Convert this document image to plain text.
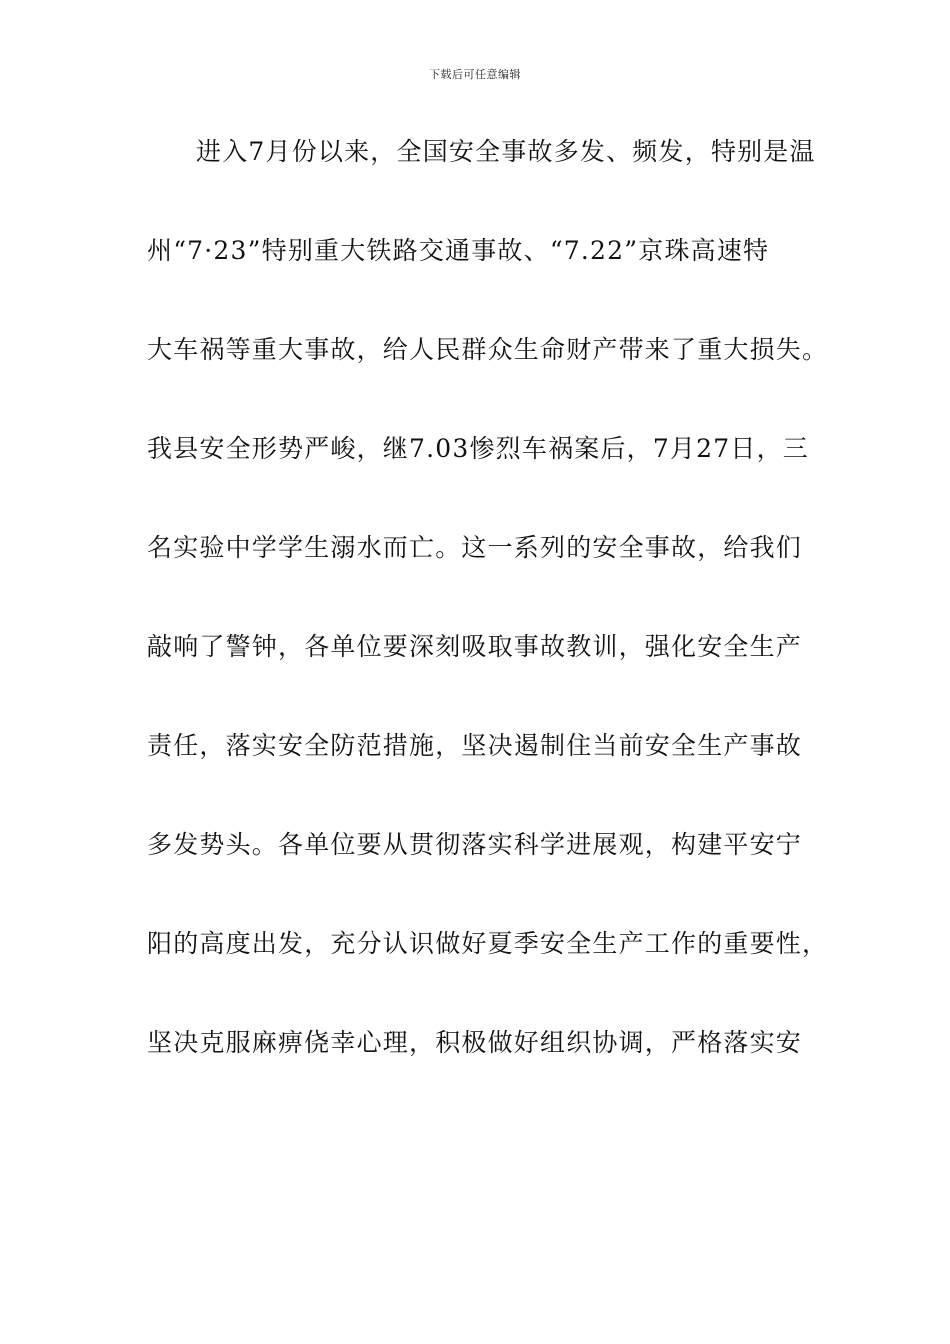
下载后可任意编辑
进入7月份以来，全国安全事故多发、频发，特别是温
州“7·23”特别重大铁路交通事故、“7.22”京珠高速特
大车祸等重大事故，给人民群众生命财产带来了重大损失。
我县安全形势严峻，继7.03惨烈车祸案后，7月27日，三
名实验中学学生溺水而亡。这一系列的安全事故，给我们
敲响了警钟，各单位要深刻吸取事故教训，强化安全生产
责任，落实安全防范措施，坚决遏制住当前安全生产事故
多发势头。各单位要从贯彻落实科学进展观，构建平安宁
阳的高度出发，充分认识做好夏季安全生产工作的重要性，
坚决克服麻痹侥幸心理，积极做好组织协调，严格落实安
